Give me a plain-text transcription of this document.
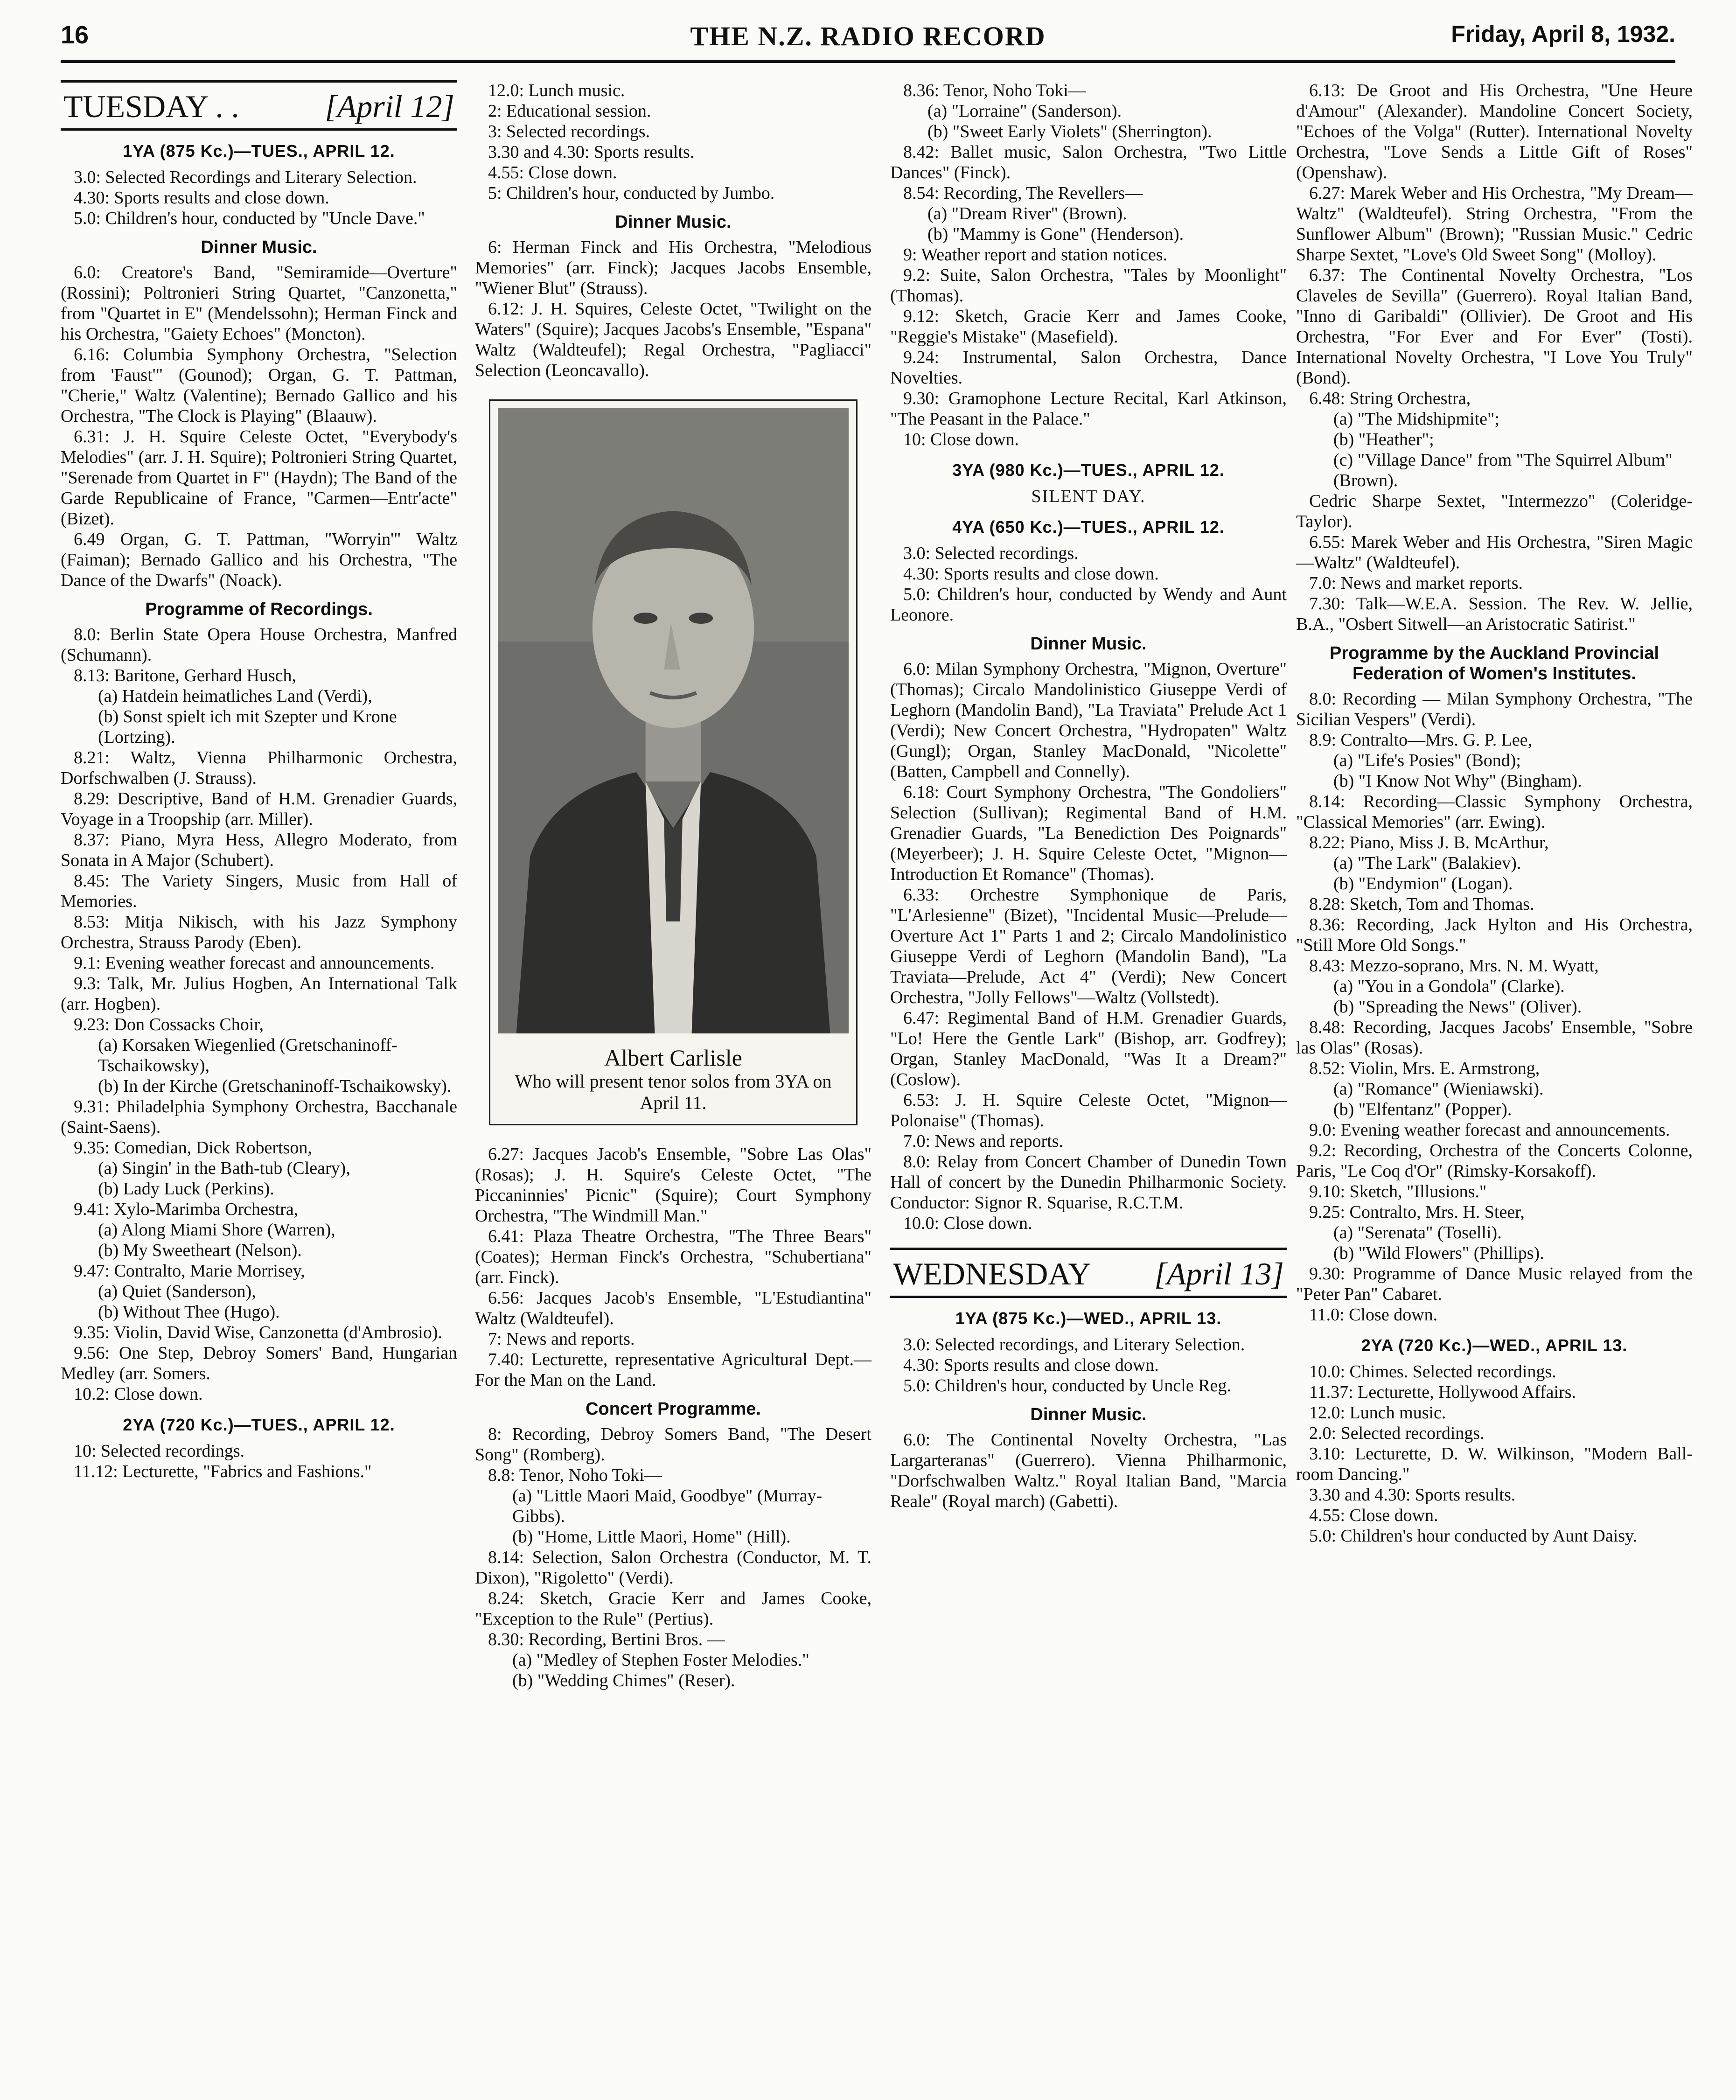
16	THE N.Z. RADIO RECORD	Friday, April 8, 1932.
TUESDAY . .	[April 12]
1YA (875 Kc.)—TUES., APRIL 12.

3.0: Selected Recordings and Literary Selection.

4.30: Sports results and close down.

5.0: Children's hour, conducted by "Uncle Dave."

Dinner Music.

6.0: Creatore's Band, "Semiramide—Overture" (Rossini); Poltronieri String Quartet, "Canzonetta," from "Quartet in E" (Mendelssohn); Herman Finck and his Orchestra, "Gaiety Echoes" (Moncton).

6.16: Columbia Symphony Orchestra, "Selection from 'Faust'" (Gounod); Organ, G. T. Pattman, "Cherie," Waltz (Valentine); Bernado Gallico and his Orchestra, "The Clock is Playing" (Blaauw).

6.31: J. H. Squire Celeste Octet, "Everybody's Melodies" (arr. J. H. Squire); Poltronieri String Quartet, "Serenade from Quartet in F" (Haydn); The Band of the Garde Republicaine of France, "Carmen—Entr'acte" (Bizet).

6.49 Organ, G. T. Pattman, "Worryin'" Waltz (Faiman); Bernado Gallico and his Orchestra, "The Dance of the Dwarfs" (Noack).

Programme of Recordings.

8.0: Berlin State Opera House Orchestra, Manfred (Schumann).

8.13: Baritone, Gerhard Husch,

(a) Hatdein heimatliches Land (Verdi),
(b) Sonst spielt ich mit Szepter und Krone (Lortzing).

8.21: Waltz, Vienna Philharmonic Orchestra, Dorfschwalben (J. Strauss).

8.29: Descriptive, Band of H.M. Grenadier Guards, Voyage in a Troopship (arr. Miller).

8.37: Piano, Myra Hess, Allegro Moderato, from Sonata in A Major (Schubert).

8.45: The Variety Singers, Music from Hall of Memories.

8.53: Mitja Nikisch, with his Jazz Symphony Orchestra, Strauss Parody (Eben).

9.1: Evening weather forecast and announcements.

9.3: Talk, Mr. Julius Hogben, An International Talk (arr. Hogben).

9.23: Don Cossacks Choir,

(a) Korsaken Wiegenlied (Gretschaninoff-Tschaikowsky),
(b) In der Kirche (Gretschaninoff-Tschaikowsky).

9.31: Philadelphia Symphony Orchestra, Bacchanale (Saint-Saens).

9.35: Comedian, Dick Robertson,

(a) Singin' in the Bath-tub (Cleary),
(b) Lady Luck (Perkins).

9.41: Xylo-Marimba Orchestra,

(a) Along Miami Shore (Warren),
(b) My Sweetheart (Nelson).

9.47: Contralto, Marie Morrisey,

(a) Quiet (Sanderson),
(b) Without Thee (Hugo).

9.35: Violin, David Wise, Canzonetta (d'Ambrosio).

9.56: One Step, Debroy Somers' Band, Hungarian Medley (arr. Somers.

10.2: Close down.

2YA (720 Kc.)—TUES., APRIL 12.

10: Selected recordings.

11.12: Lecturette, "Fabrics and Fashions."

12.0: Lunch music.

2: Educational session.

3: Selected recordings.

3.30 and 4.30: Sports results.

4.55: Close down.

5: Children's hour, conducted by Jumbo.

Dinner Music.

6: Herman Finck and His Orchestra, "Melodious Memories" (arr. Finck); Jacques Jacobs Ensemble, "Wiener Blut" (Strauss).

6.12: J. H. Squires, Celeste Octet, "Twilight on the Waters" (Squire); Jacques Jacobs's Ensemble, "Espana" Waltz (Waldteufel); Regal Orchestra, "Pagliacci" Selection (Leoncavallo).

Albert Carlisle
Who will present tenor solos from 3YA on April 11.

6.27: Jacques Jacob's Ensemble, "Sobre Las Olas" (Rosas); J. H. Squire's Celeste Octet, "The Piccaninnies' Picnic" (Squire); Court Symphony Orchestra, "The Windmill Man."

6.41: Plaza Theatre Orchestra, "The Three Bears" (Coates); Herman Finck's Orchestra, "Schubertiana" (arr. Finck).

6.56: Jacques Jacob's Ensemble, "L'Estudiantina" Waltz (Waldteufel).

7: News and reports.

7.40: Lecturette, representative Agricultural Dept.—For the Man on the Land.

Concert Programme.

8: Recording, Debroy Somers Band, "The Desert Song" (Romberg).

8.8: Tenor, Noho Toki—

(a) "Little Maori Maid, Goodbye" (Murray-Gibbs).
(b) "Home, Little Maori, Home" (Hill).

8.14: Selection, Salon Orchestra (Conductor, M. T. Dixon), "Rigoletto" (Verdi).

8.24: Sketch, Gracie Kerr and James Cooke, "Exception to the Rule" (Pertius).

8.30: Recording, Bertini Bros. —

(a) "Medley of Stephen Foster Melodies."
(b) "Wedding Chimes" (Reser).

8.36: Tenor, Noho Toki—

(a) "Lorraine" (Sanderson).
(b) "Sweet Early Violets" (Sherrington).

8.42: Ballet music, Salon Orchestra, "Two Little Dances" (Finck).

8.54: Recording, The Revellers—

(a) "Dream River" (Brown).
(b) "Mammy is Gone" (Henderson).

9: Weather report and station notices.

9.2: Suite, Salon Orchestra, "Tales by Moonlight" (Thomas).

9.12: Sketch, Gracie Kerr and James Cooke, "Reggie's Mistake" (Masefield).

9.24: Instrumental, Salon Orchestra, Dance Novelties.

9.30: Gramophone Lecture Recital, Karl Atkinson, "The Peasant in the Palace."

10: Close down.

3YA (980 Kc.)—TUES., APRIL 12.
SILENT DAY.
4YA (650 Kc.)—TUES., APRIL 12.

3.0: Selected recordings.

4.30: Sports results and close down.

5.0: Children's hour, conducted by Wendy and Aunt Leonore.

Dinner Music.

6.0: Milan Symphony Orchestra, "Mignon, Overture" (Thomas); Circalo Mandolinistico Giuseppe Verdi of Leghorn (Mandolin Band), "La Traviata" Prelude Act 1 (Verdi); New Concert Orchestra, "Hydropaten" Waltz (Gungl); Organ, Stanley MacDonald, "Nicolette" (Batten, Campbell and Connelly).

6.18: Court Symphony Orchestra, "The Gondoliers" Selection (Sullivan); Regimental Band of H.M. Grenadier Guards, "La Benediction Des Poignards" (Meyerbeer); J. H. Squire Celeste Octet, "Mignon—Introduction Et Romance" (Thomas).

6.33: Orchestre Symphonique de Paris, "L'Arlesienne" (Bizet), "Incidental Music—Prelude—Overture Act 1" Parts 1 and 2; Circalo Mandolinistico Giuseppe Verdi of Leghorn (Mandolin Band), "La Traviata—Prelude, Act 4" (Verdi); New Concert Orchestra, "Jolly Fellows"—Waltz (Vollstedt).

6.47: Regimental Band of H.M. Grenadier Guards, "Lo! Here the Gentle Lark" (Bishop, arr. Godfrey); Organ, Stanley MacDonald, "Was It a Dream?" (Coslow).

6.53: J. H. Squire Celeste Octet, "Mignon—Polonaise" (Thomas).

7.0: News and reports.

8.0: Relay from Concert Chamber of Dunedin Town Hall of concert by the Dunedin Philharmonic Society. Conductor: Signor R. Squarise, R.C.T.M.

10.0: Close down.

WEDNESDAY [April 13]
1YA (875 Kc.)—WED., APRIL 13.

3.0: Selected recordings, and Literary Selection.

4.30: Sports results and close down.

5.0: Children's hour, conducted by Uncle Reg.

Dinner Music.

6.0: The Continental Novelty Orchestra, "Las Largarteranas" (Guerrero). Vienna Philharmonic, "Dorfschwalben Waltz." Royal Italian Band, "Marcia Reale" (Royal march) (Gabetti).

6.13: De Groot and His Orchestra, "Une Heure d'Amour" (Alexander). Mandoline Concert Society, "Echoes of the Volga" (Rutter). International Novelty Orchestra, "Love Sends a Little Gift of Roses" (Openshaw).

6.27: Marek Weber and His Orchestra, "My Dream—Waltz" (Waldteufel). String Orchestra, "From the Sunflower Album" (Brown); "Russian Music." Cedric Sharpe Sextet, "Love's Old Sweet Song" (Molloy).

6.37: The Continental Novelty Orchestra, "Los Claveles de Sevilla" (Guerrero). Royal Italian Band, "Inno di Garibaldi" (Ollivier). De Groot and His Orchestra, "For Ever and For Ever" (Tosti). International Novelty Orchestra, "I Love You Truly" (Bond).

6.48: String Orchestra,

(a) "The Midshipmite";
(b) "Heather";
(c) "Village Dance" from "The Squirrel Album" (Brown).

Cedric Sharpe Sextet, "Intermezzo" (Coleridge-Taylor).

6.55: Marek Weber and His Orchestra, "Siren Magic—Waltz" (Waldteufel).

7.0: News and market reports.

7.30: Talk—W.E.A. Session. The Rev. W. Jellie, B.A., "Osbert Sitwell—an Aristocratic Satirist."

Programme by the Auckland Provincial Federation of Women's Institutes.

8.0: Recording — Milan Symphony Orchestra, "The Sicilian Vespers" (Verdi).

8.9: Contralto—Mrs. G. P. Lee,

(a) "Life's Posies" (Bond);
(b) "I Know Not Why" (Bingham).

8.14: Recording—Classic Symphony Orchestra, "Classical Memories" (arr. Ewing).

8.22: Piano, Miss J. B. McArthur,

(a) "The Lark" (Balakiev).
(b) "Endymion" (Logan).

8.28: Sketch, Tom and Thomas.

8.36: Recording, Jack Hylton and His Orchestra, "Still More Old Songs."

8.43: Mezzo-soprano, Mrs. N. M. Wyatt,

(a) "You in a Gondola" (Clarke).
(b) "Spreading the News" (Oliver).

8.48: Recording, Jacques Jacobs' Ensemble, "Sobre las Olas" (Rosas).

8.52: Violin, Mrs. E. Armstrong,

(a) "Romance" (Wieniawski).
(b) "Elfentanz" (Popper).

9.0: Evening weather forecast and announcements.

9.2: Recording, Orchestra of the Concerts Colonne, Paris, "Le Coq d'Or" (Rimsky-Korsakoff).

9.10: Sketch, "Illusions."

9.25: Contralto, Mrs. H. Steer,

(a) "Serenata" (Toselli).
(b) "Wild Flowers" (Phillips).

9.30: Programme of Dance Music relayed from the "Peter Pan" Cabaret.

11.0: Close down.

2YA (720 Kc.)—WED., APRIL 13.

10.0: Chimes. Selected recordings.

11.37: Lecturette, Hollywood Affairs.

12.0: Lunch music.

2.0: Selected recordings.

3.10: Lecturette, D. W. Wilkinson, "Modern Ball-room Dancing."

3.30 and 4.30: Sports results.

4.55: Close down.

5.0: Children's hour conducted by Aunt Daisy.
